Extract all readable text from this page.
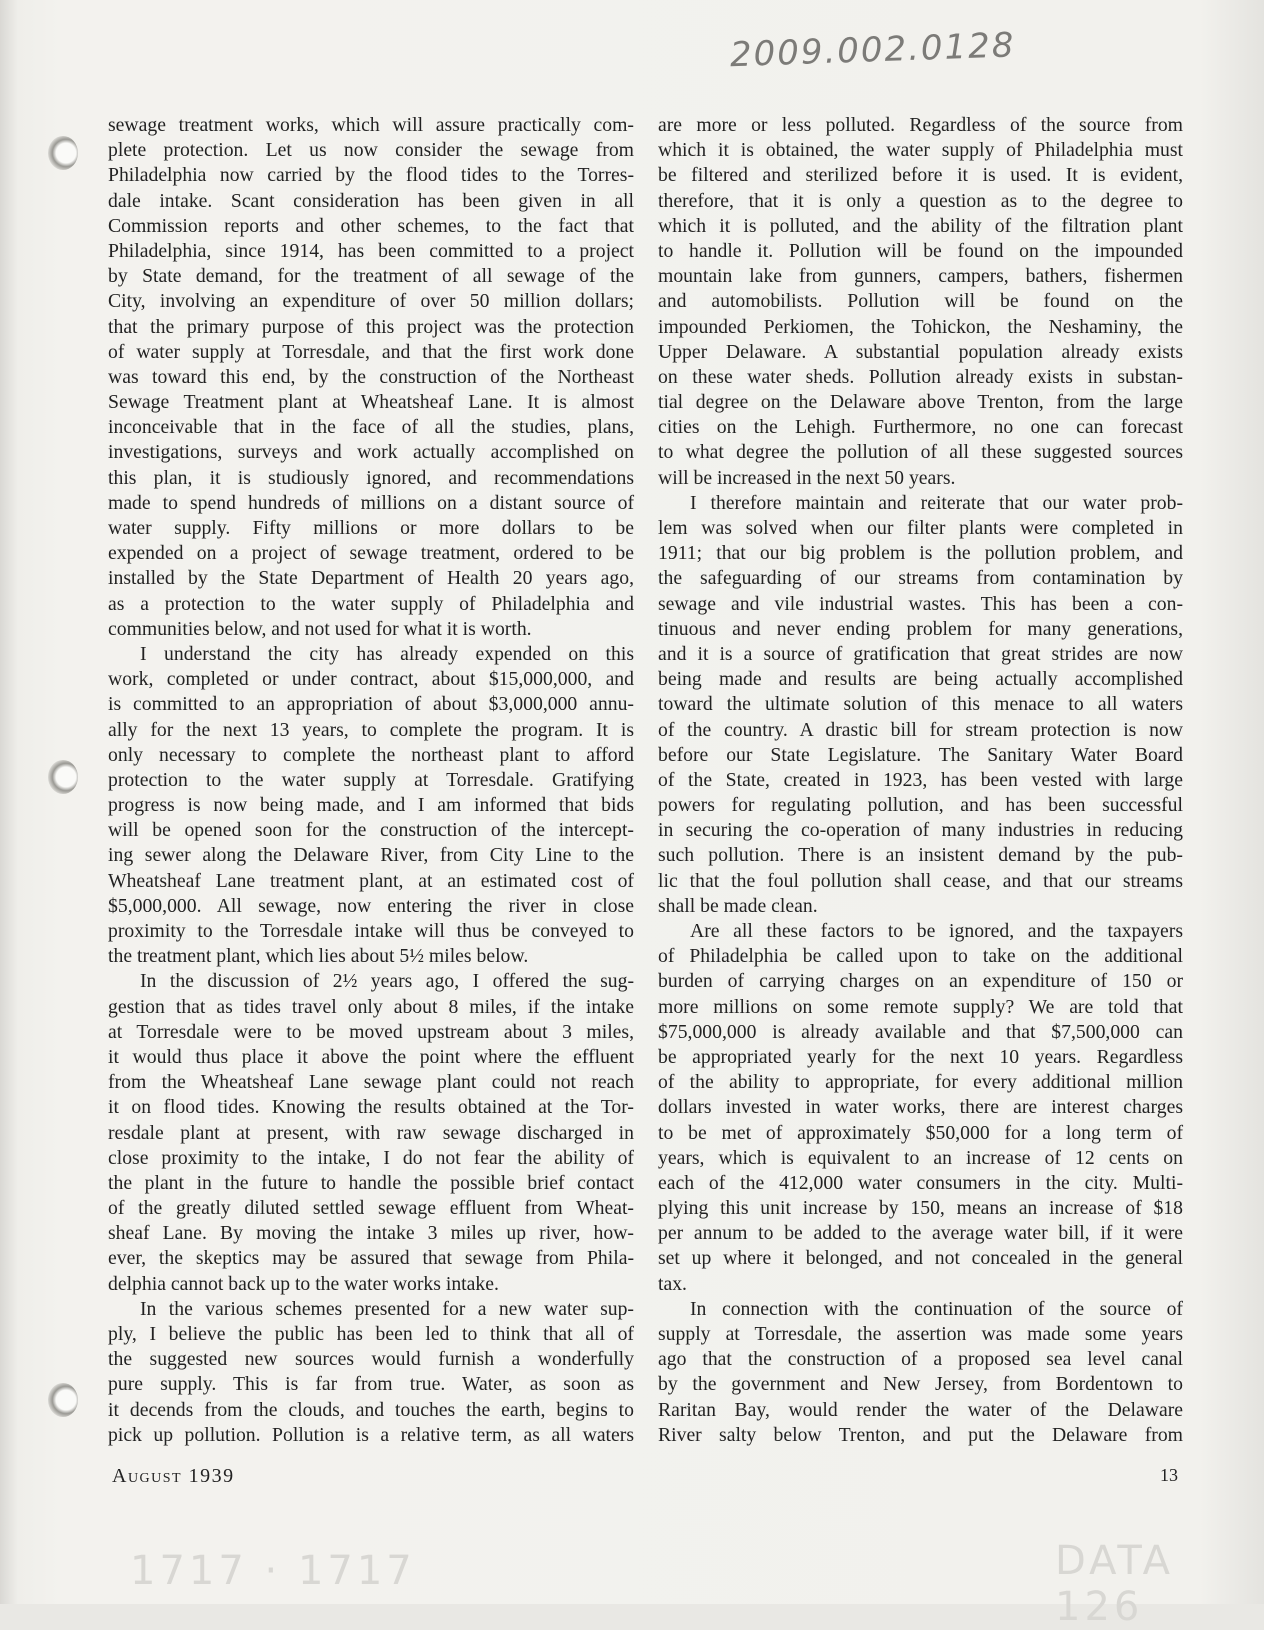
2009.002.0128
sewage treatment works, which will assure practically com-
plete protection. Let us now consider the sewage from
Philadelphia now carried by the flood tides to the Torres-
dale intake. Scant consideration has been given in all
Commission reports and other schemes, to the fact that
Philadelphia, since 1914, has been committed to a project
by State demand, for the treatment of all sewage of the
City, involving an expenditure of over 50 million dollars;
that the primary purpose of this project was the protection
of water supply at Torresdale, and that the first work done
was toward this end, by the construction of the Northeast
Sewage Treatment plant at Wheatsheaf Lane. It is almost
inconceivable that in the face of all the studies, plans,
investigations, surveys and work actually accomplished on
this plan, it is studiously ignored, and recommendations
made to spend hundreds of millions on a distant source of
water supply. Fifty millions or more dollars to be
expended on a project of sewage treatment, ordered to be
installed by the State Department of Health 20 years ago,
as a protection to the water supply of Philadelphia and
communities below, and not used for what it is worth.
I understand the city has already expended on this
work, completed or under contract, about $15,000,000, and
is committed to an appropriation of about $3,000,000 annu-
ally for the next 13 years, to complete the program. It is
only necessary to complete the northeast plant to afford
protection to the water supply at Torresdale. Gratifying
progress is now being made, and I am informed that bids
will be opened soon for the construction of the intercept-
ing sewer along the Delaware River, from City Line to the
Wheatsheaf Lane treatment plant, at an estimated cost of
$5,000,000. All sewage, now entering the river in close
proximity to the Torresdale intake will thus be conveyed to
the treatment plant, which lies about 5½ miles below.
In the discussion of 2½ years ago, I offered the sug-
gestion that as tides travel only about 8 miles, if the intake
at Torresdale were to be moved upstream about 3 miles,
it would thus place it above the point where the effluent
from the Wheatsheaf Lane sewage plant could not reach
it on flood tides. Knowing the results obtained at the Tor-
resdale plant at present, with raw sewage discharged in
close proximity to the intake, I do not fear the ability of
the plant in the future to handle the possible brief contact
of the greatly diluted settled sewage effluent from Wheat-
sheaf Lane. By moving the intake 3 miles up river, how-
ever, the skeptics may be assured that sewage from Phila-
delphia cannot back up to the water works intake.
In the various schemes presented for a new water sup-
ply, I believe the public has been led to think that all of
the suggested new sources would furnish a wonderfully
pure supply. This is far from true. Water, as soon as
it decends from the clouds, and touches the earth, begins to
pick up pollution. Pollution is a relative term, as all waters
are more or less polluted. Regardless of the source from
which it is obtained, the water supply of Philadelphia must
be filtered and sterilized before it is used. It is evident,
therefore, that it is only a question as to the degree to
which it is polluted, and the ability of the filtration plant
to handle it. Pollution will be found on the impounded
mountain lake from gunners, campers, bathers, fishermen
and automobilists. Pollution will be found on the
impounded Perkiomen, the Tohickon, the Neshaminy, the
Upper Delaware. A substantial population already exists
on these water sheds. Pollution already exists in substan-
tial degree on the Delaware above Trenton, from the large
cities on the Lehigh. Furthermore, no one can forecast
to what degree the pollution of all these suggested sources
will be increased in the next 50 years.
I therefore maintain and reiterate that our water prob-
lem was solved when our filter plants were completed in
1911; that our big problem is the pollution problem, and
the safeguarding of our streams from contamination by
sewage and vile industrial wastes. This has been a con-
tinuous and never ending problem for many generations,
and it is a source of gratification that great strides are now
being made and results are being actually accomplished
toward the ultimate solution of this menace to all waters
of the country. A drastic bill for stream protection is now
before our State Legislature. The Sanitary Water Board
of the State, created in 1923, has been vested with large
powers for regulating pollution, and has been successful
in securing the co-operation of many industries in reducing
such pollution. There is an insistent demand by the pub-
lic that the foul pollution shall cease, and that our streams
shall be made clean.
Are all these factors to be ignored, and the taxpayers
of Philadelphia be called upon to take on the additional
burden of carrying charges on an expenditure of 150 or
more millions on some remote supply? We are told that
$75,000,000 is already available and that $7,500,000 can
be appropriated yearly for the next 10 years. Regardless
of the ability to appropriate, for every additional million
dollars invested in water works, there are interest charges
to be met of approximately $50,000 for a long term of
years, which is equivalent to an increase of 12 cents on
each of the 412,000 water consumers in the city. Multi-
plying this unit increase by 150, means an increase of $18
per annum to be added to the average water bill, if it were
set up where it belonged, and not concealed in the general
tax.
In connection with the continuation of the source of
supply at Torresdale, the assertion was made some years
ago that the construction of a proposed sea level canal
by the government and New Jersey, from Bordentown to
Raritan Bay, would render the water of the Delaware
River salty below Trenton, and put the Delaware from
August 1939	13
1717 · 1717	DATA 126
